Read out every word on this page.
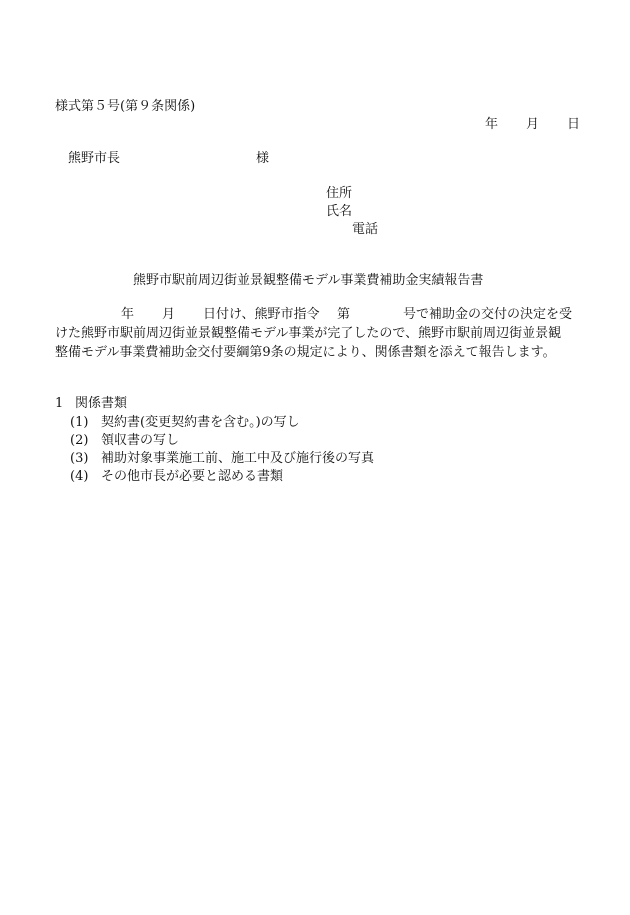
様式第５号(第９条関係)
年 月 日
熊野市長	様
住所
氏名
電話
熊野市駅前周辺街並景観整備モデル事業費補助金実績報告書
年 月 日付け、熊野市指令 第	号で補助金の交付の決定を受
けた熊野市駅前周辺街並景観整備モデル事業が完了したので、熊野市駅前周辺街並景観
整備モデル事業費補助金交付要綱第9条の規定により、関係書類を添えて報告します。
1 関係書類
(1) 契約書(変更契約書を含む。)の写し
(2) 領収書の写し
(3) 補助対象事業施工前、施工中及び施行後の写真
(4) その他市長が必要と認める書類
